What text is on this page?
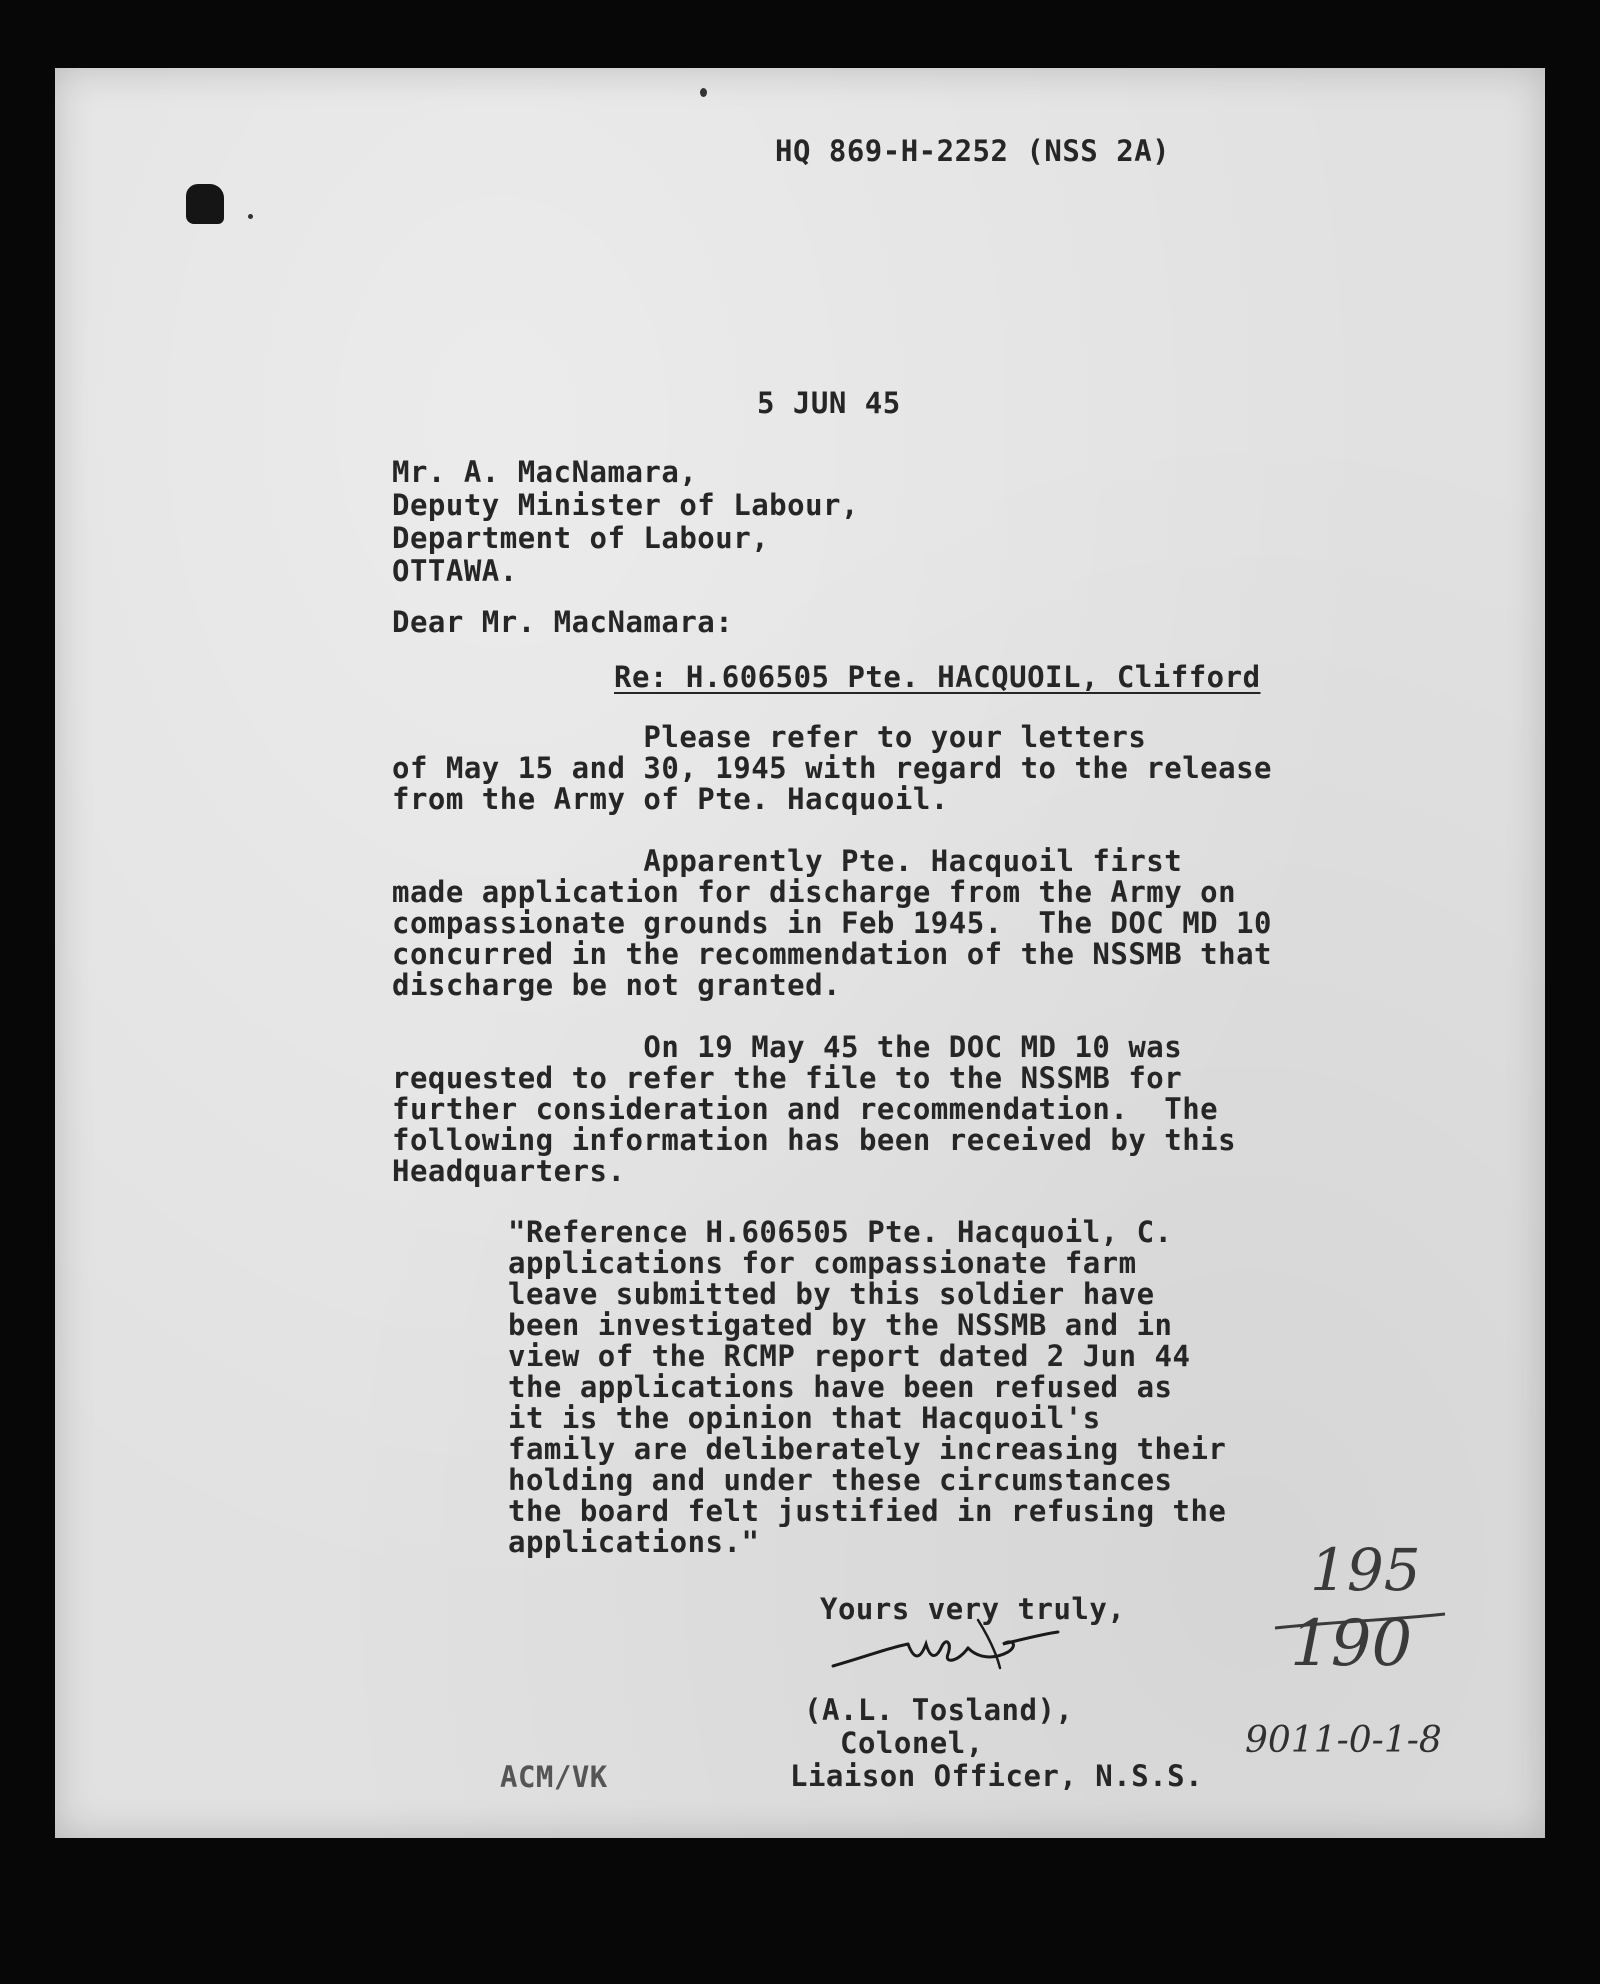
HQ 869-H-2252 (NSS 2A)
5 JUN 45
Mr. A. MacNamara,
Deputy Minister of Labour,
Department of Labour,
OTTAWA.
Dear Mr. MacNamara:
Re: H.606505 Pte. HACQUOIL, Clifford
Please refer to your letters
of May 15 and 30, 1945 with regard to the release
from the Army of Pte. Hacquoil.
Apparently Pte. Hacquoil first
made application for discharge from the Army on
compassionate grounds in Feb 1945.  The DOC MD 10
concurred in the recommendation of the NSSMB that
discharge be not granted.
On 19 May 45 the DOC MD 10 was
requested to refer the file to the NSSMB for
further consideration and recommendation.  The
following information has been received by this
Headquarters.
"Reference H.606505 Pte. Hacquoil, C.
applications for compassionate farm
leave submitted by this soldier have
been investigated by the NSSMB and in
view of the RCMP report dated 2 Jun 44
the applications have been refused as
it is the opinion that Hacquoil's
family are deliberately increasing their
holding and under these circumstances
the board felt justified in refusing the
applications."
Yours very truly,
(A.L. Tosland),
Colonel,
Liaison Officer, N.S.S.
ACM/VK
195
190
9011-0-1-8
